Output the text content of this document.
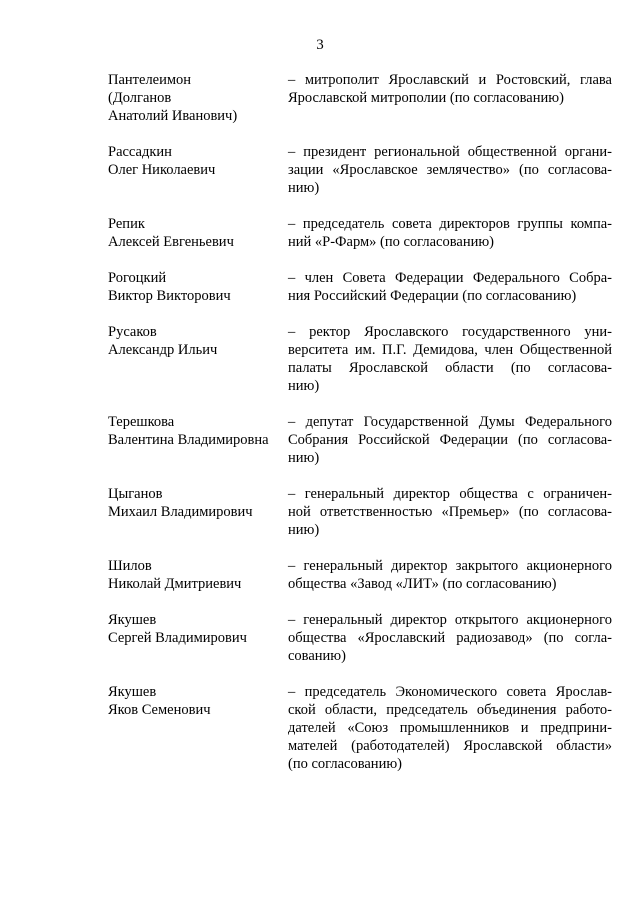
3
Пантелеимон
(Долганов
Анатолий Иванович)
– митрополит Ярославский и Ростовский, глава
Ярославской митрополии (по согласованию)
Рассадкин
Олег Николаевич
– президент региональной общественной органи-
зации «Ярославское землячество» (по согласова-
нию)
Репик
Алексей Евгеньевич
– председатель совета директоров группы компа-
ний «Р-Фарм» (по согласованию)
Рогоцкий
Виктор Викторович
– член Совета Федерации Федерального Собра-
ния Российский Федерации (по согласованию)
Русаков
Александр Ильич
– ректор Ярославского государственного уни-
верситета им. П.Г. Демидова, член Общественной
палаты Ярославской области (по согласова-
нию)
Терешкова
Валентина Владимировна
– депутат Государственной Думы Федерального
Собрания Российской Федерации (по согласова-
нию)
Цыганов
Михаил Владимирович
– генеральный директор общества с ограничен-
ной ответственностью «Премьер» (по согласова-
нию)
Шилов
Николай Дмитриевич
– генеральный директор закрытого акционерного
общества «Завод «ЛИТ» (по согласованию)
Якушев
Сергей Владимирович
– генеральный директор открытого акционерного
общества «Ярославский радиозавод» (по согла-
сованию)
Якушев
Яков Семенович
– председатель Экономического совета Ярослав-
ской области, председатель объединения работо-
дателей «Союз промышленников и предприни-
мателей (работодателей) Ярославской области»
(по согласованию)
